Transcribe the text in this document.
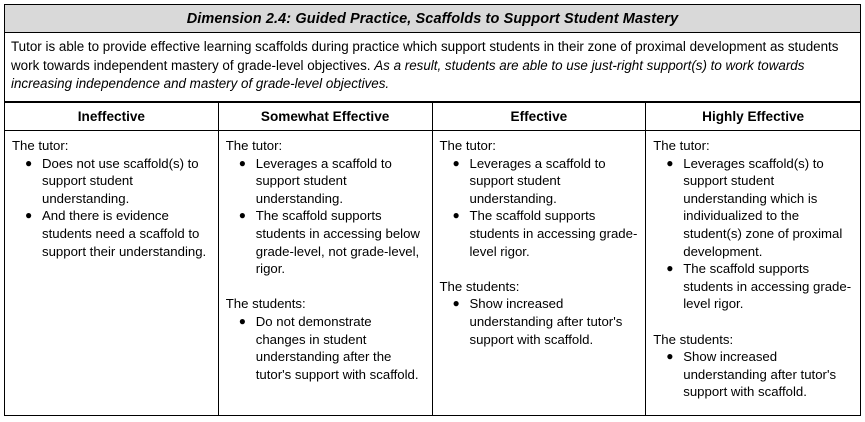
Dimension 2.4: Guided Practice, Scaffolds to Support Student Mastery
Tutor is able to provide effective learning scaffolds during practice which support students in their zone of proximal development as students work towards independent mastery of grade-level objectives. As a result, students are able to use just-right support(s) to work towards increasing independence and mastery of grade-level objectives.
Ineffective

The tutor:

● Does not use scaffold(s) to support student understanding.
● And there is evidence students need a scaffold to support their understanding.
Somewhat Effective

The tutor:

● Leverages a scaffold to support student understanding.
● The scaffold supports students in accessing below grade-level, not grade-level, rigor.

The students:

● Do not demonstrate changes in student understanding after the tutor's support with scaffold.
Effective

The tutor:

● Leverages a scaffold to support student understanding.
● The scaffold supports students in accessing grade-level rigor.

The students:

● Show increased understanding after tutor's support with scaffold.
Highly Effective

The tutor:

● Leverages scaffold(s) to support student understanding which is individualized to the student(s) zone of proximal development.
● The scaffold supports students in accessing grade-level rigor.

The students:

● Show increased understanding after tutor's support with scaffold.
